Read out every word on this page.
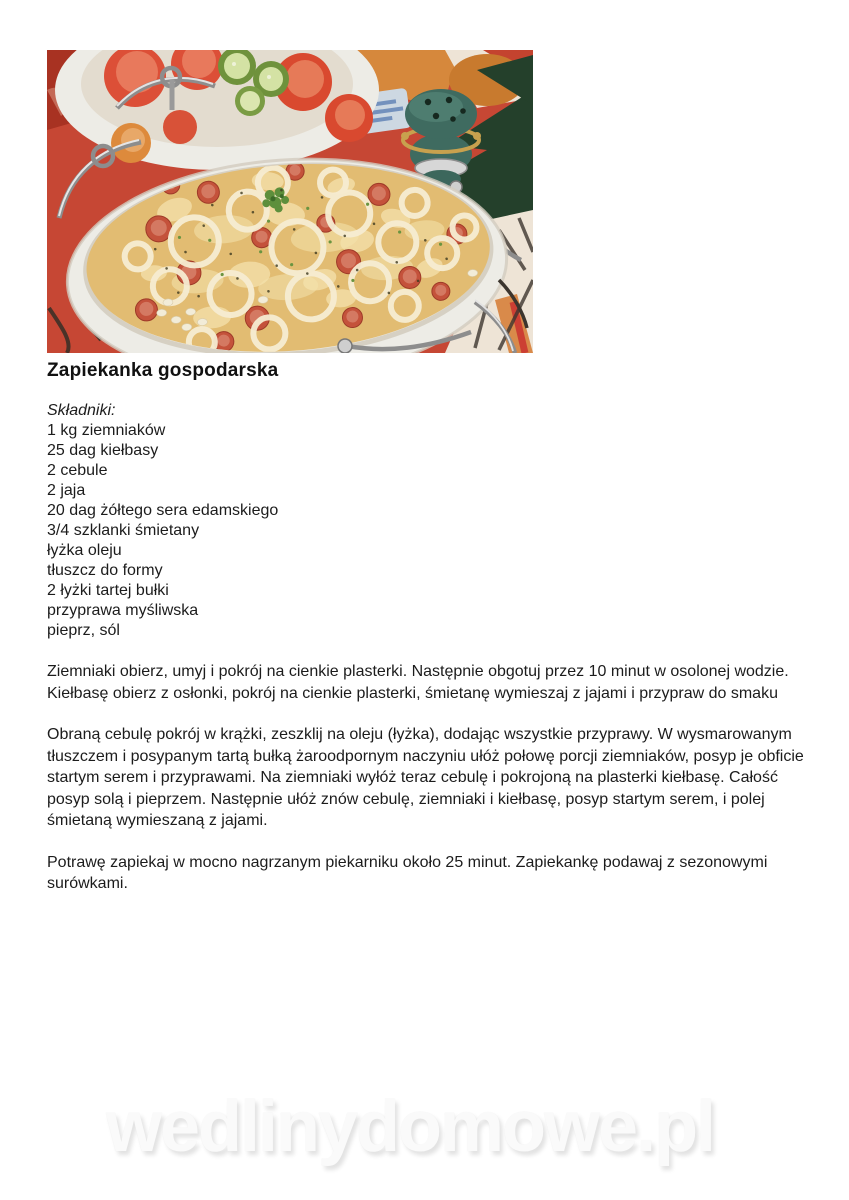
Zapiekanka gospodarska
Składniki:
1 kg ziemniaków
25 dag kiełbasy
2 cebule
2 jaja
20 dag żółtego sera edamskiego
3/4 szklanki śmietany
łyżka oleju
tłuszcz do formy
2 łyżki tartej bułki
przyprawa myśliwska
pieprz, sól

Ziemniaki obierz, umyj i pokrój na cienkie plasterki. Następnie obgotuj przez 10 minut w osolonej wodzie. Kiełbasę obierz z osłonki, pokrój na cienkie plasterki, śmietanę wymieszaj z jajami i przypraw do smaku

Obraną cebulę pokrój w krążki, zeszklij na oleju (łyżka), dodając wszystkie przyprawy. W wysmarowanym tłuszczem i posypanym tartą bułką żaroodpornym naczyniu ułóż połowę porcji ziemniaków, posyp je obficie startym serem i przyprawami. Na ziemniaki wyłóż teraz cebulę i pokrojoną na plasterki kiełbasę. Całość posyp solą i pieprzem. Następnie ułóż znów cebulę, ziemniaki i kiełbasę, posyp startym serem, i polej śmietaną wymieszaną z jajami.

Potrawę zapiekaj w mocno nagrzanym piekarniku około 25 minut. Zapiekankę podawaj z sezonowymi surówkami.

wedlinydomowe.pl
